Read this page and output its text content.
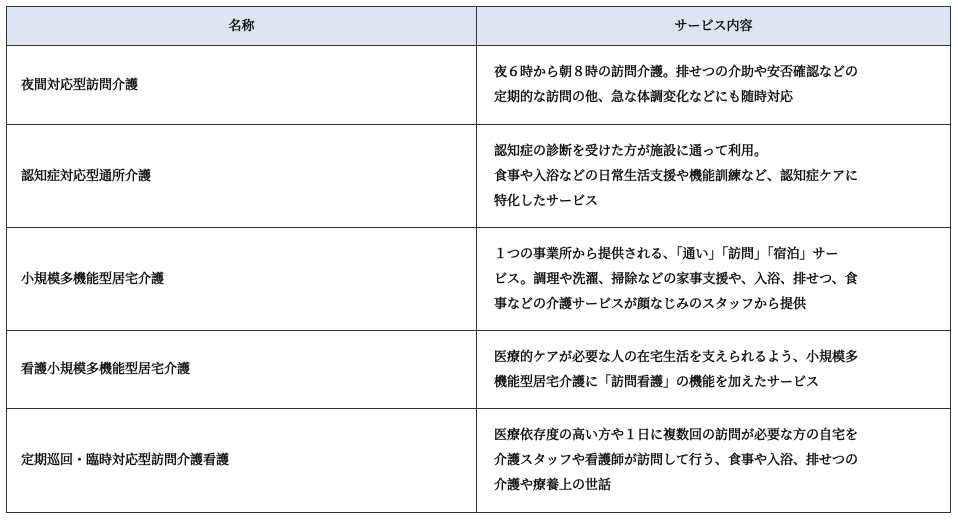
名称	サービス内容
夜間対応型訪問介護	夜６時から朝８時の訪問介護。排せつの介助や安否確認などの
定期的な訪問の他、急な体調変化などにも随時対応
認知症対応型通所介護	認知症の診断を受けた方が施設に通って利用。
食事や入浴などの日常生活支援や機能訓練など、認知症ケアに
特化したサービス
小規模多機能型居宅介護	１つの事業所から提供される、「通い」「訪問」「宿泊」サー
ビス。調理や洗濯、掃除などの家事支援や、入浴、排せつ、食
事などの介護サービスが顔なじみのスタッフから提供
看護小規模多機能型居宅介護	医療的ケアが必要な人の在宅生活を支えられるよう、小規模多
機能型居宅介護に「訪問看護」の機能を加えたサービス
定期巡回・臨時対応型訪問介護看護	医療依存度の高い方や１日に複数回の訪問が必要な方の自宅を
介護スタッフや看護師が訪問して行う、食事や入浴、排せつの
介護や療養上の世話
